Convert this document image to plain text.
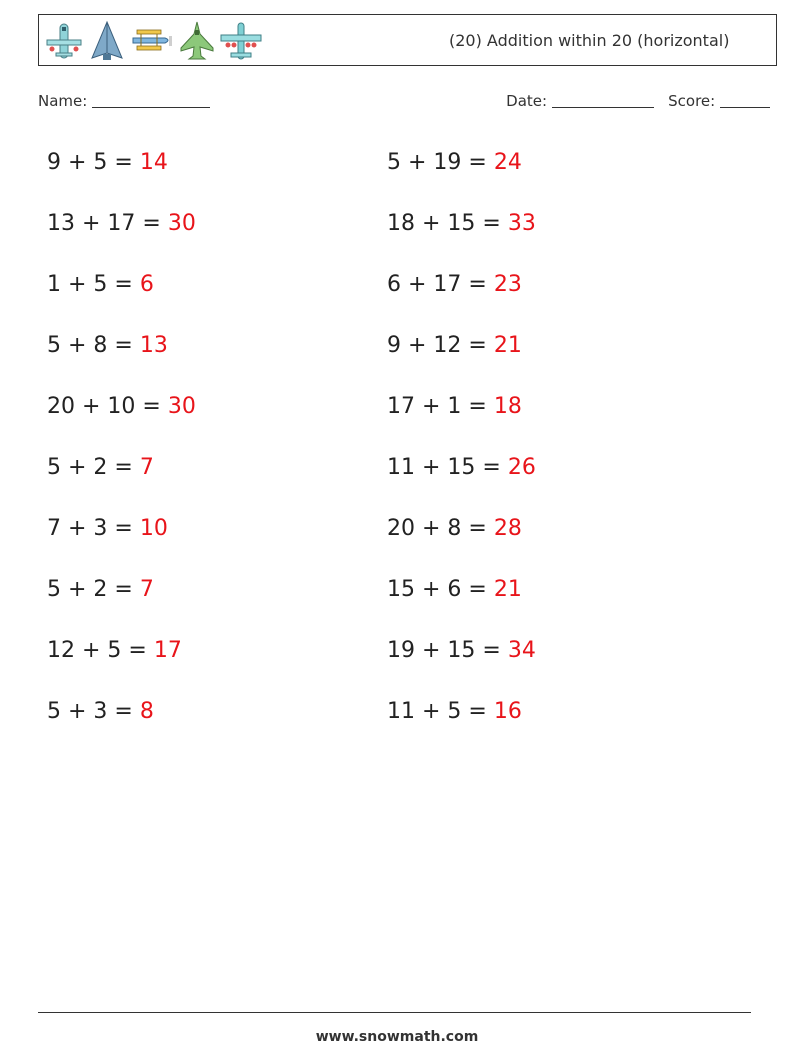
(20) Addition within 20 (horizontal)
Name:	Date:	Score:
9 + 5 = 14	5 + 19 = 24
13 + 17 = 30	18 + 15 = 33
1 + 5 = 6	6 + 17 = 23
5 + 8 = 13	9 + 12 = 21
20 + 10 = 30	17 + 1 = 18
5 + 2 = 7	11 + 15 = 26
7 + 3 = 10	20 + 8 = 28
5 + 2 = 7	15 + 6 = 21
12 + 5 = 17	19 + 15 = 34
5 + 3 = 8	11 + 5 = 16
www.snowmath.com
